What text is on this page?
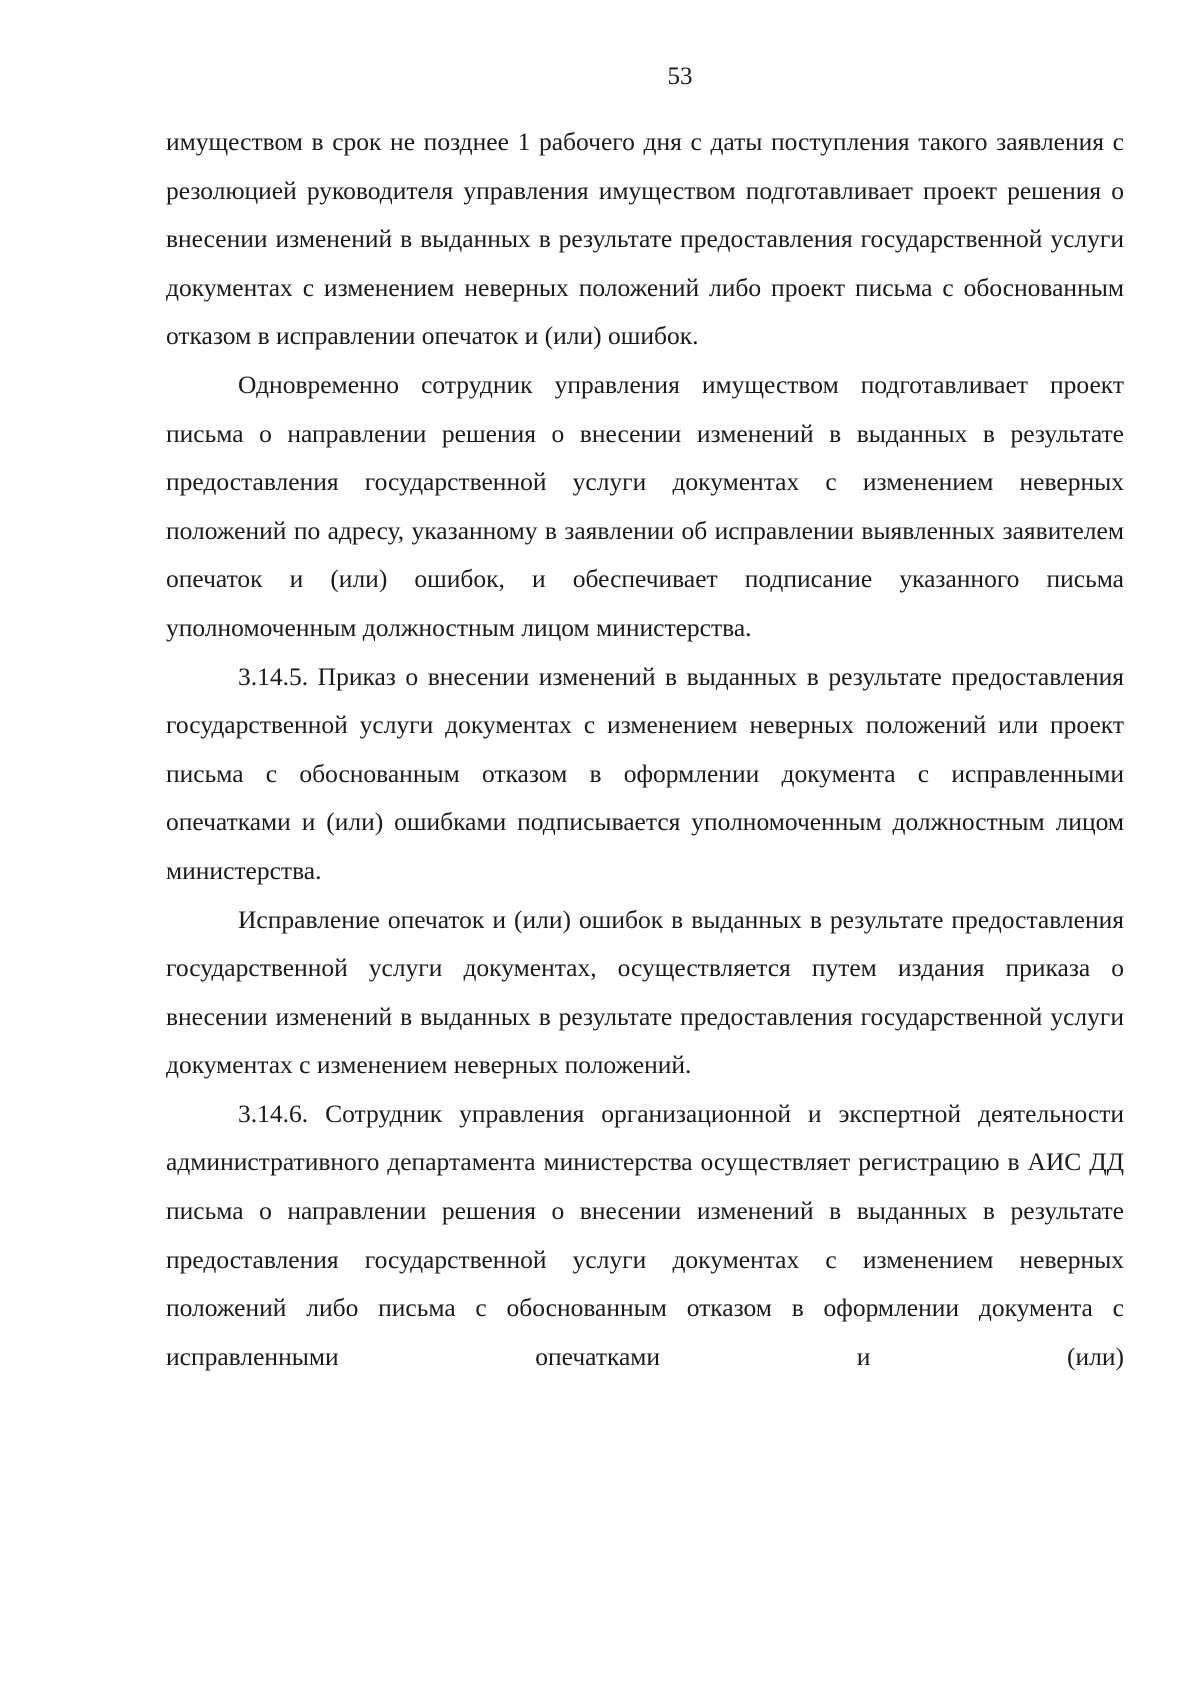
53

имуществом в срок не позднее 1 рабочего дня с даты поступления такого заявления с резолюцией руководителя управления имуществом подготавливает проект решения о внесении изменений в выданных в результате предоставления государственной услуги документах с изменением неверных положений либо проект письма с обоснованным отказом в исправлении опечаток и (или) ошибок.

Одновременно сотрудник управления имуществом подготавливает проект письма о направлении решения о внесении изменений в выданных в результате предоставления государственной услуги документах с изменением неверных положений по адресу, указанному в заявлении об исправлении выявленных заявителем опечаток и (или) ошибок, и обеспечивает подписание указанного письма уполномоченным должностным лицом министерства.

3.14.5. Приказ о внесении изменений в выданных в результате предоставления государственной услуги документах с изменением неверных положений или проект письма с обоснованным отказом в оформлении документа с исправленными опечатками и (или) ошибками подписывается уполномоченным должностным лицом министерства.

Исправление опечаток и (или) ошибок в выданных в результате предоставления государственной услуги документах, осуществляется путем издания приказа о внесении изменений в выданных в результате предоставления государственной услуги документах с изменением неверных положений.

3.14.6. Сотрудник управления организационной и экспертной деятельности административного департамента министерства осуществляет регистрацию в АИС ДД письма о направлении решения о внесении изменений в выданных в результате предоставления государственной услуги документах с изменением неверных положений либо письма с обоснованным отказом в оформлении документа с исправленными опечатками и (или)
